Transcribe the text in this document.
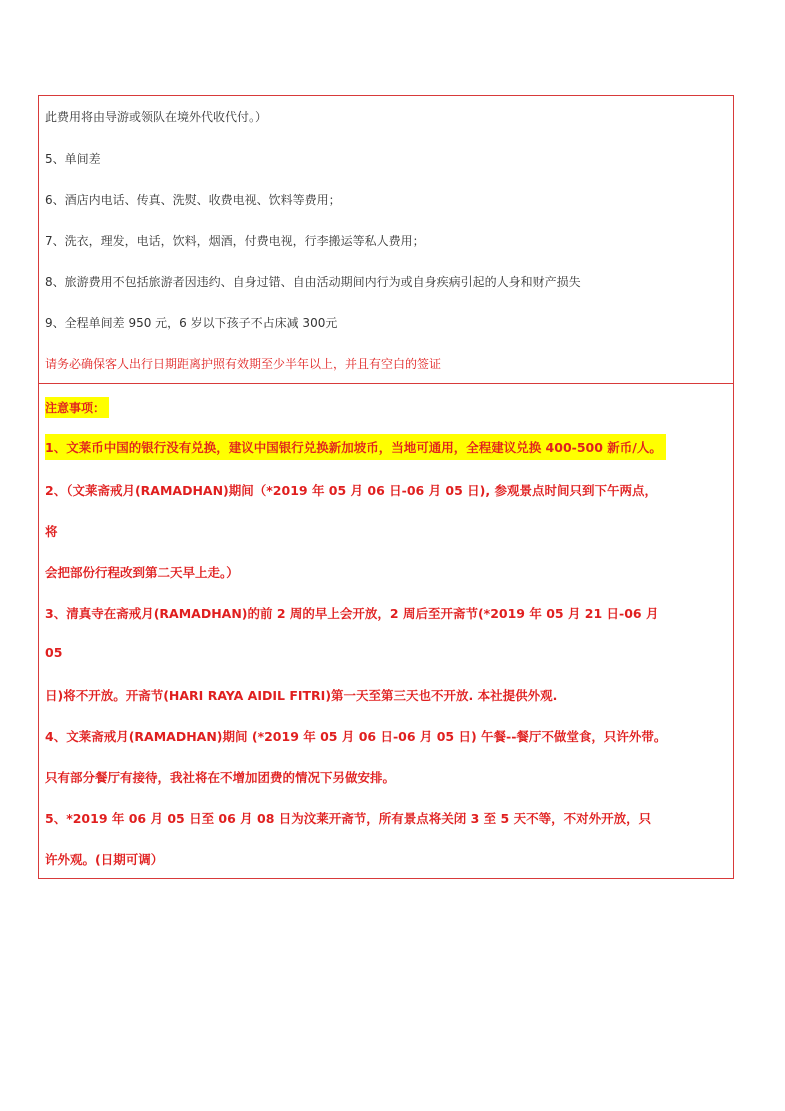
此费用将由导游或领队在境外代收代付。）
5、单间差
6、酒店内电话、传真、洗熨、收费电视、饮料等费用；
7、洗衣，理发，电话，饮料，烟酒，付费电视，行李搬运等私人费用；
8、旅游费用不包括旅游者因违约、自身过错、自由活动期间内行为或自身疾病引起的人身和财产损失
9、全程单间差 950 元，6 岁以下孩子不占床减 300元
请务必确保客人出行日期距离护照有效期至少半年以上，并且有空白的签证
注意事项：
1、文莱币中国的银行没有兑换，建议中国银行兑换新加坡币，当地可通用，全程建议兑换 400-500 新币/人。
2、（文莱斋戒月(RAMADHAN)期间（*2019 年 05 月 06 日-06 月 05 日), 参观景点时间只到下午两点，
将
会把部份行程改到第二天早上走。）
3、清真寺在斋戒月(RAMADHAN)的前 2 周的早上会开放，2 周后至开斋节(*2019 年 05 月 21 日-06 月
05
日)将不开放。开斋节(HARI RAYA AIDIL FITRI)第一天至第三天也不开放. 本社提供外观.
4、文莱斋戒月(RAMADHAN)期间 (*2019 年 05 月 06 日-06 月 05 日) 午餐--餐厅不做堂食，只许外带。
只有部分餐厅有接待，我社将在不增加团费的情况下另做安排。
5、*2019 年 06 月 05 日至 06 月 08 日为汶莱开斋节，所有景点将关闭 3 至 5 天不等，不对外开放，只
许外观。(日期可调）
